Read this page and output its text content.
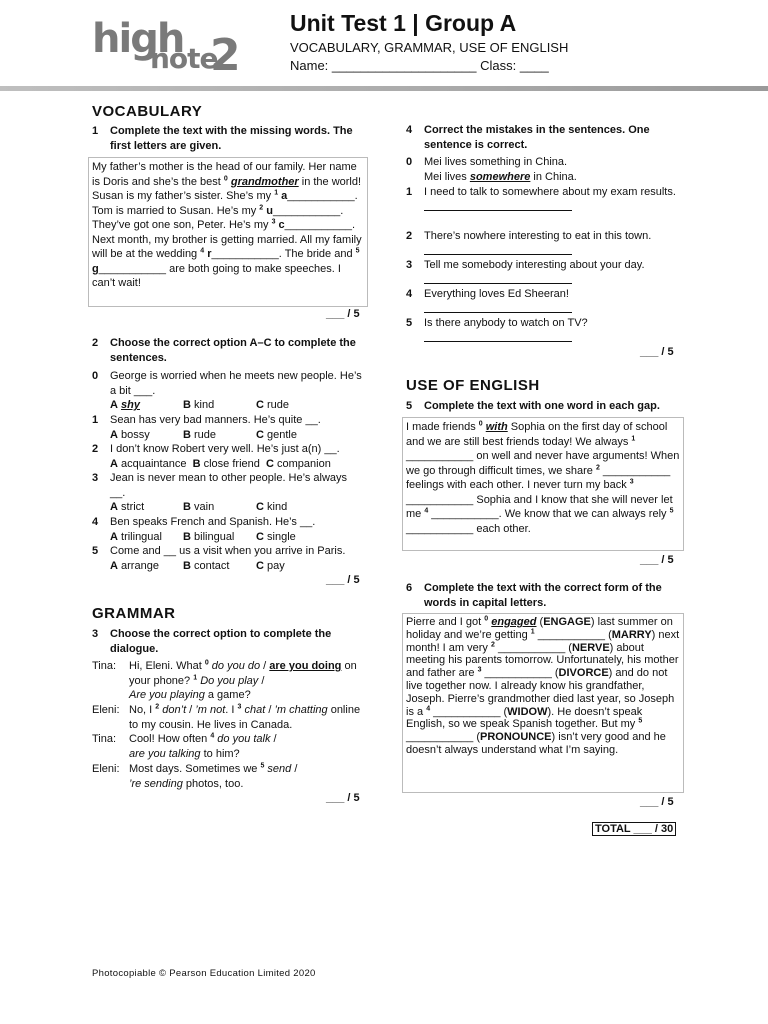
high
note
2
Unit Test 1 | Group A
VOCABULARY, GRAMMAR, USE OF ENGLISH
Name: ____________________ Class: ____
VOCABULARY
1 Complete the text with the missing words. The first letters are given.
My father’s mother is the head of our family. Her name is Doris and she’s the best $^0$ grandmother in the world! Susan is my father’s sister. She’s my $^1$ a___________. Tom is married to Susan. He’s my $^2$ u___________. They’ve got one son, Peter. He’s my $^3$ c___________.
Next month, my brother is getting married. All my family will be at the wedding $^4$ r___________. The bride and $^5$ g___________ are both going to make speeches. I can’t wait!
___ / 5
2 Choose the correct option A–C to complete the sentences.
0 George is worried when he meets new people. He’s a bit ___.
A shy	B kind	C rude
1 Sean has very bad manners. He’s quite __.
A bossy	B rude	C gentle
2 I don’t know Robert very well. He’s just a(n) __.
A acquaintance B close friend C companion
3 Jean is never mean to other people. He’s always __.
A strict	B vain	C kind
4 Ben speaks French and Spanish. He’s __.
A trilingual B bilingual C single
5 Come and __ us a visit when you arrive in Paris.
A arrange B contact C pay
___ / 5
GRAMMAR
3 Choose the correct option to complete the dialogue.
Tina: Hi, Eleni. What $^0$ do you do / are you doing on your phone? $^1$ Do you play /
Are you playing a game?
Eleni: No, I $^2$ don’t / ’m not. I $^3$ chat / ’m chatting online to my cousin. He lives in Canada.
Tina: Cool! How often $^4$ do you talk /
are you talking to him?
Eleni: Most days. Sometimes we $^5$ send /
’re sending photos, too.
___ / 5
4 Correct the mistakes in the sentences. One sentence is correct.
0 Mei lives something in China.
Mei lives somewhere in China.
1 I need to talk to somewhere about my exam results.

2 There’s nowhere interesting to eat in this town.

3 Tell me somebody interesting about your day.

4 Everything loves Ed Sheeran!

5 Is there anybody to watch on TV?

___ / 5
USE OF ENGLISH
5 Complete the text with one word in each gap.
I made friends $^0$ with Sophia on the first day of school and we are still best friends today! We always $^1$ ___________ on well and never have arguments! When we go through difficult times, we share $^2$ ___________ feelings with each other. I never turn my back $^3$ ___________ Sophia and I know that she will never let me $^4$ ___________. We know that we can always rely $^5$ ___________ each other.
___ / 5
6 Complete the text with the correct form of the words in capital letters.
Pierre and I got $^0$ engaged (ENGAGE) last summer on holiday and we’re getting $^1$ ___________ (MARRY) next month! I am very $^2$ ___________ (NERVE) about meeting his parents tomorrow. Unfortunately, his mother and father are $^3$ ___________ (DIVORCE) and do not live together now. I already know his grandfather, Joseph. Pierre’s grandmother died last year, so Joseph is a $^4$ ___________ (WIDOW). He doesn’t speak English, so we speak Spanish together. But my $^5$ ___________ (PRONOUNCE) isn’t very good and he doesn’t always understand what I’m saying.
___ / 5
TOTAL ___ / 30
Photocopiable © Pearson Education Limited 2020
